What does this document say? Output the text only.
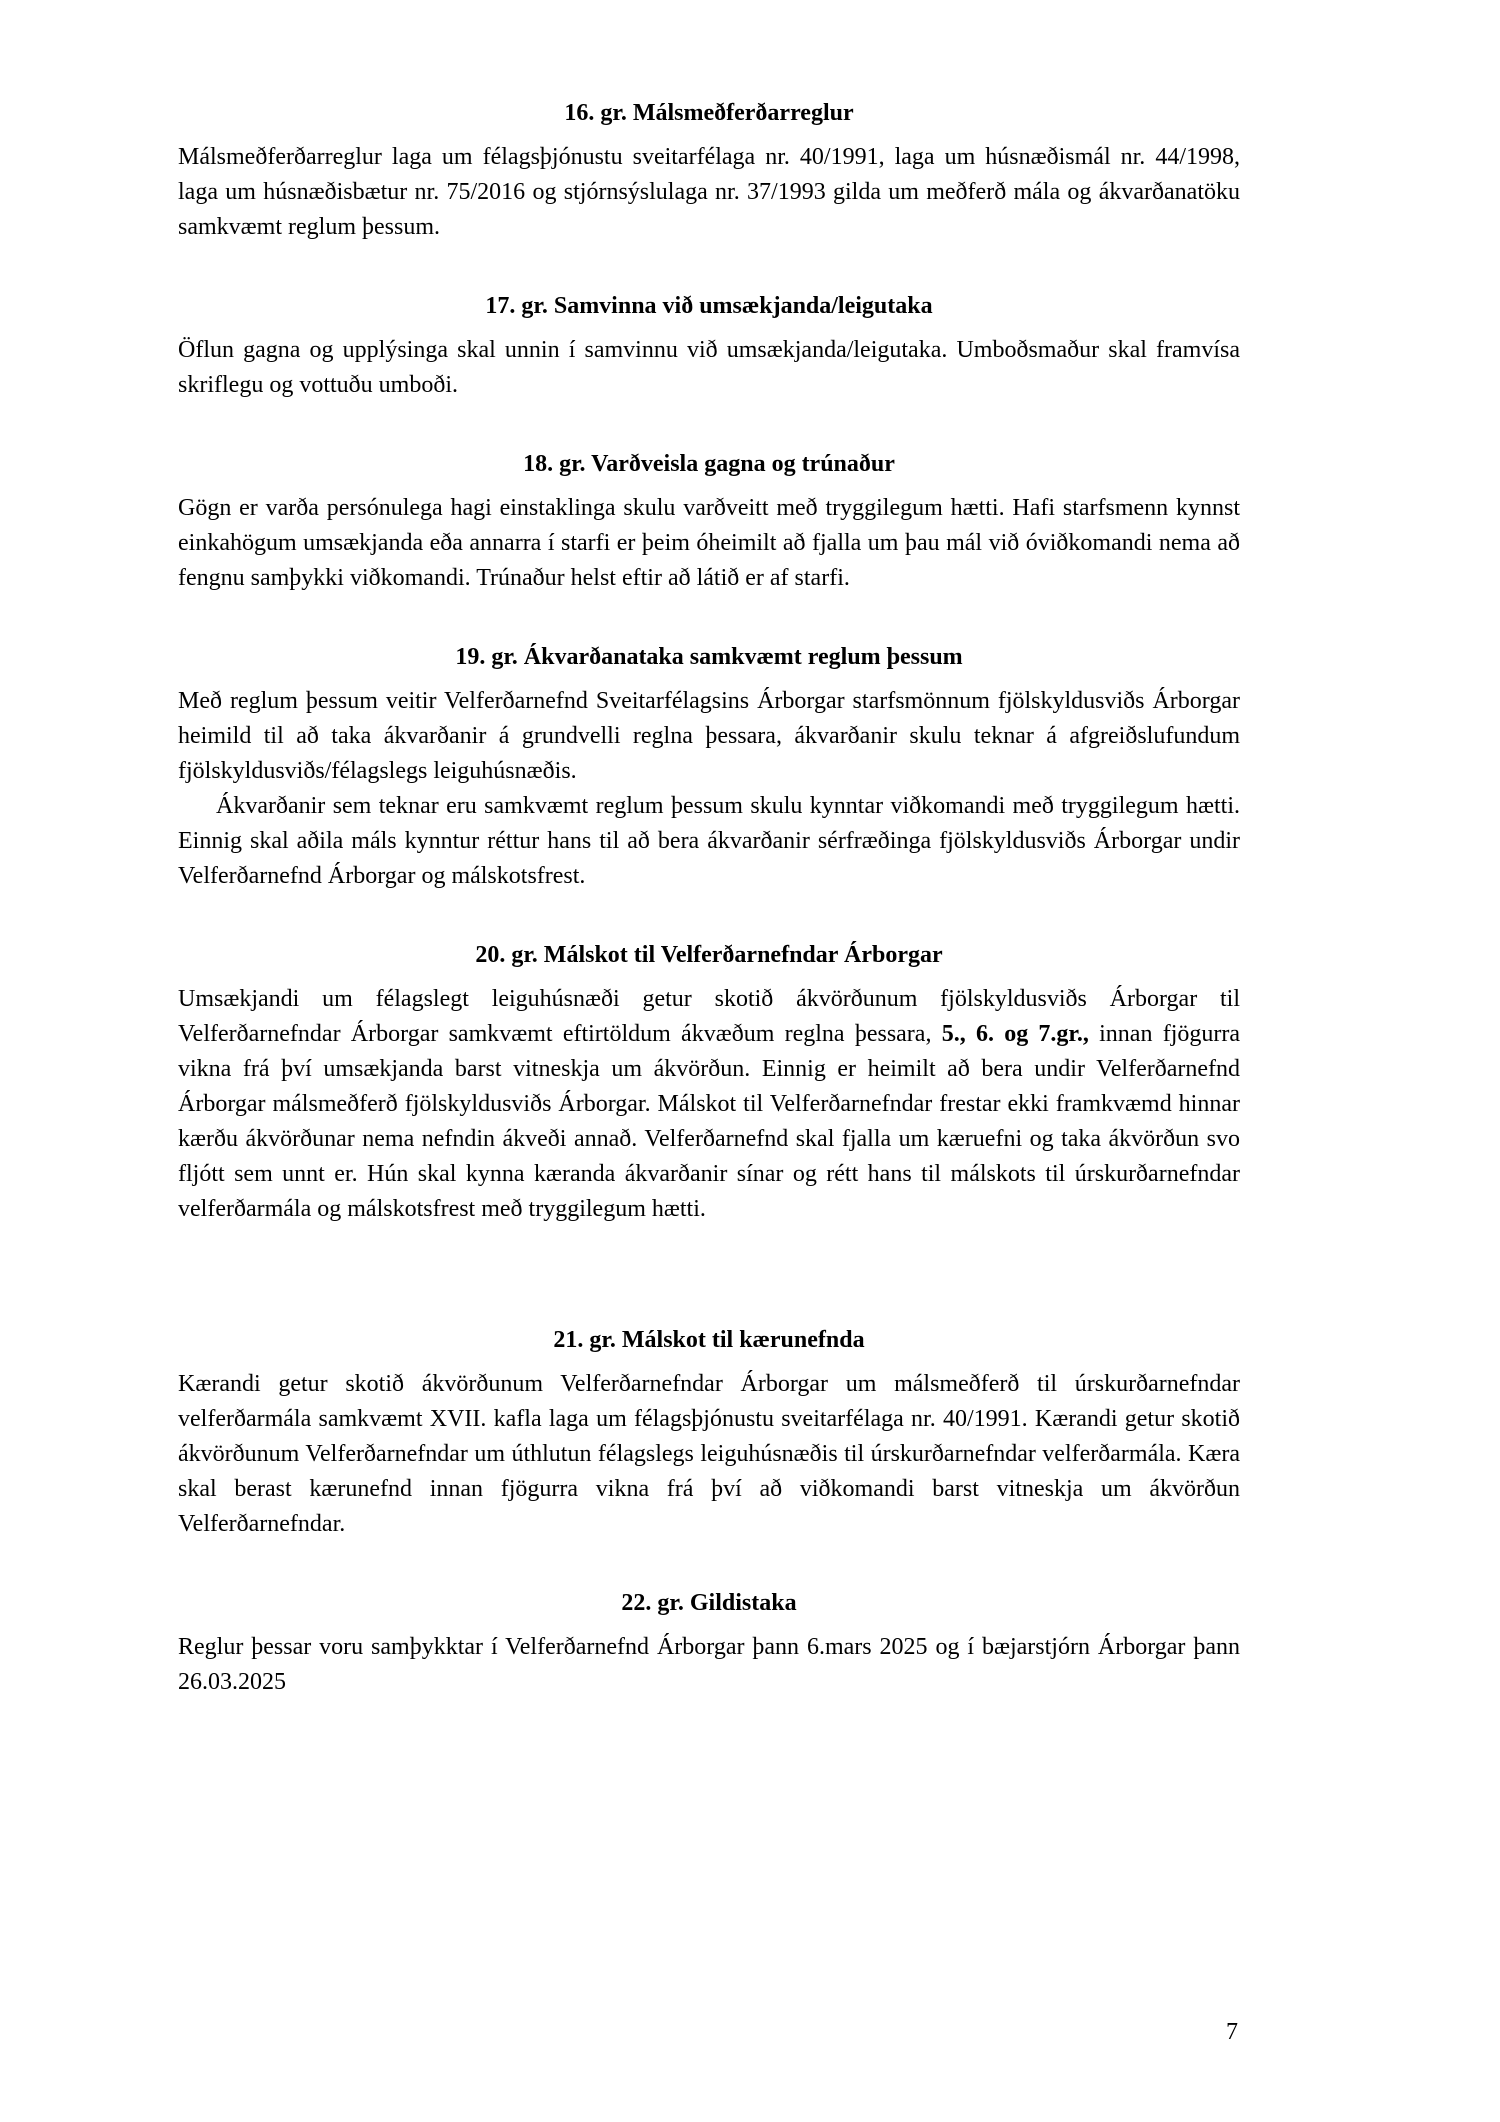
16. gr. Málsmeðferðarreglur

Málsmeðferðarreglur laga um félagsþjónustu sveitarfélaga nr. 40/1991, laga um húsnæðismál nr. 44/1998, laga um húsnæðisbætur nr. 75/2016 og stjórnsýslulaga nr. 37/1993 gilda um meðferð mála og ákvarðanatöku samkvæmt reglum þessum.

17. gr. Samvinna við umsækjanda/leigutaka

Öflun gagna og upplýsinga skal unnin í samvinnu við umsækjanda/leigutaka. Umboðsmaður skal framvísa skriflegu og vottuðu umboði.

18. gr. Varðveisla gagna og trúnaður

Gögn er varða persónulega hagi einstaklinga skulu varðveitt með tryggilegum hætti. Hafi starfsmenn kynnst einkahögum umsækjanda eða annarra í starfi er þeim óheimilt að fjalla um þau mál við óviðkomandi nema að fengnu samþykki viðkomandi. Trúnaður helst eftir að látið er af starfi.

19. gr. Ákvarðanataka samkvæmt reglum þessum

Með reglum þessum veitir Velferðarnefnd Sveitarfélagsins Árborgar starfsmönnum fjölskyldusviðs Árborgar heimild til að taka ákvarðanir á grundvelli reglna þessara, ákvarðanir skulu teknar á afgreiðslufundum fjölskyldusviðs/félagslegs leiguhúsnæðis.

Ákvarðanir sem teknar eru samkvæmt reglum þessum skulu kynntar viðkomandi með tryggilegum hætti. Einnig skal aðila máls kynntur réttur hans til að bera ákvarðanir sérfræðinga fjölskyldusviðs Árborgar undir Velferðarnefnd Árborgar og málskotsfrest.

20. gr. Málskot til Velferðarnefndar Árborgar

Umsækjandi um félagslegt leiguhúsnæði getur skotið ákvörðunum fjölskyldusviðs Árborgar til Velferðarnefndar Árborgar samkvæmt eftirtöldum ákvæðum reglna þessara, 5., 6. og 7.gr., innan fjögurra vikna frá því umsækjanda barst vitneskja um ákvörðun. Einnig er heimilt að bera undir Velferðarnefnd Árborgar málsmeðferð fjölskyldusviðs Árborgar. Málskot til Velferðarnefndar frestar ekki framkvæmd hinnar kærðu ákvörðunar nema nefndin ákveði annað. Velferðarnefnd skal fjalla um kæruefni og taka ákvörðun svo fljótt sem unnt er. Hún skal kynna kæranda ákvarðanir sínar og rétt hans til málskots til úrskurðarnefndar velferðarmála og málskotsfrest með tryggilegum hætti.

21. gr. Málskot til kærunefnda

Kærandi getur skotið ákvörðunum Velferðarnefndar Árborgar um málsmeðferð til úrskurðarnefndar velferðarmála samkvæmt XVII. kafla laga um félagsþjónustu sveitarfélaga nr. 40/1991. Kærandi getur skotið ákvörðunum Velferðarnefndar um úthlutun félagslegs leiguhúsnæðis til úrskurðarnefndar velferðarmála. Kæra skal berast kærunefnd innan fjögurra vikna frá því að viðkomandi barst vitneskja um ákvörðun Velferðarnefndar.

22. gr. Gildistaka

Reglur þessar voru samþykktar í Velferðarnefnd Árborgar þann 6.mars 2025 og í bæjarstjórn Árborgar þann 26.03.2025

7
